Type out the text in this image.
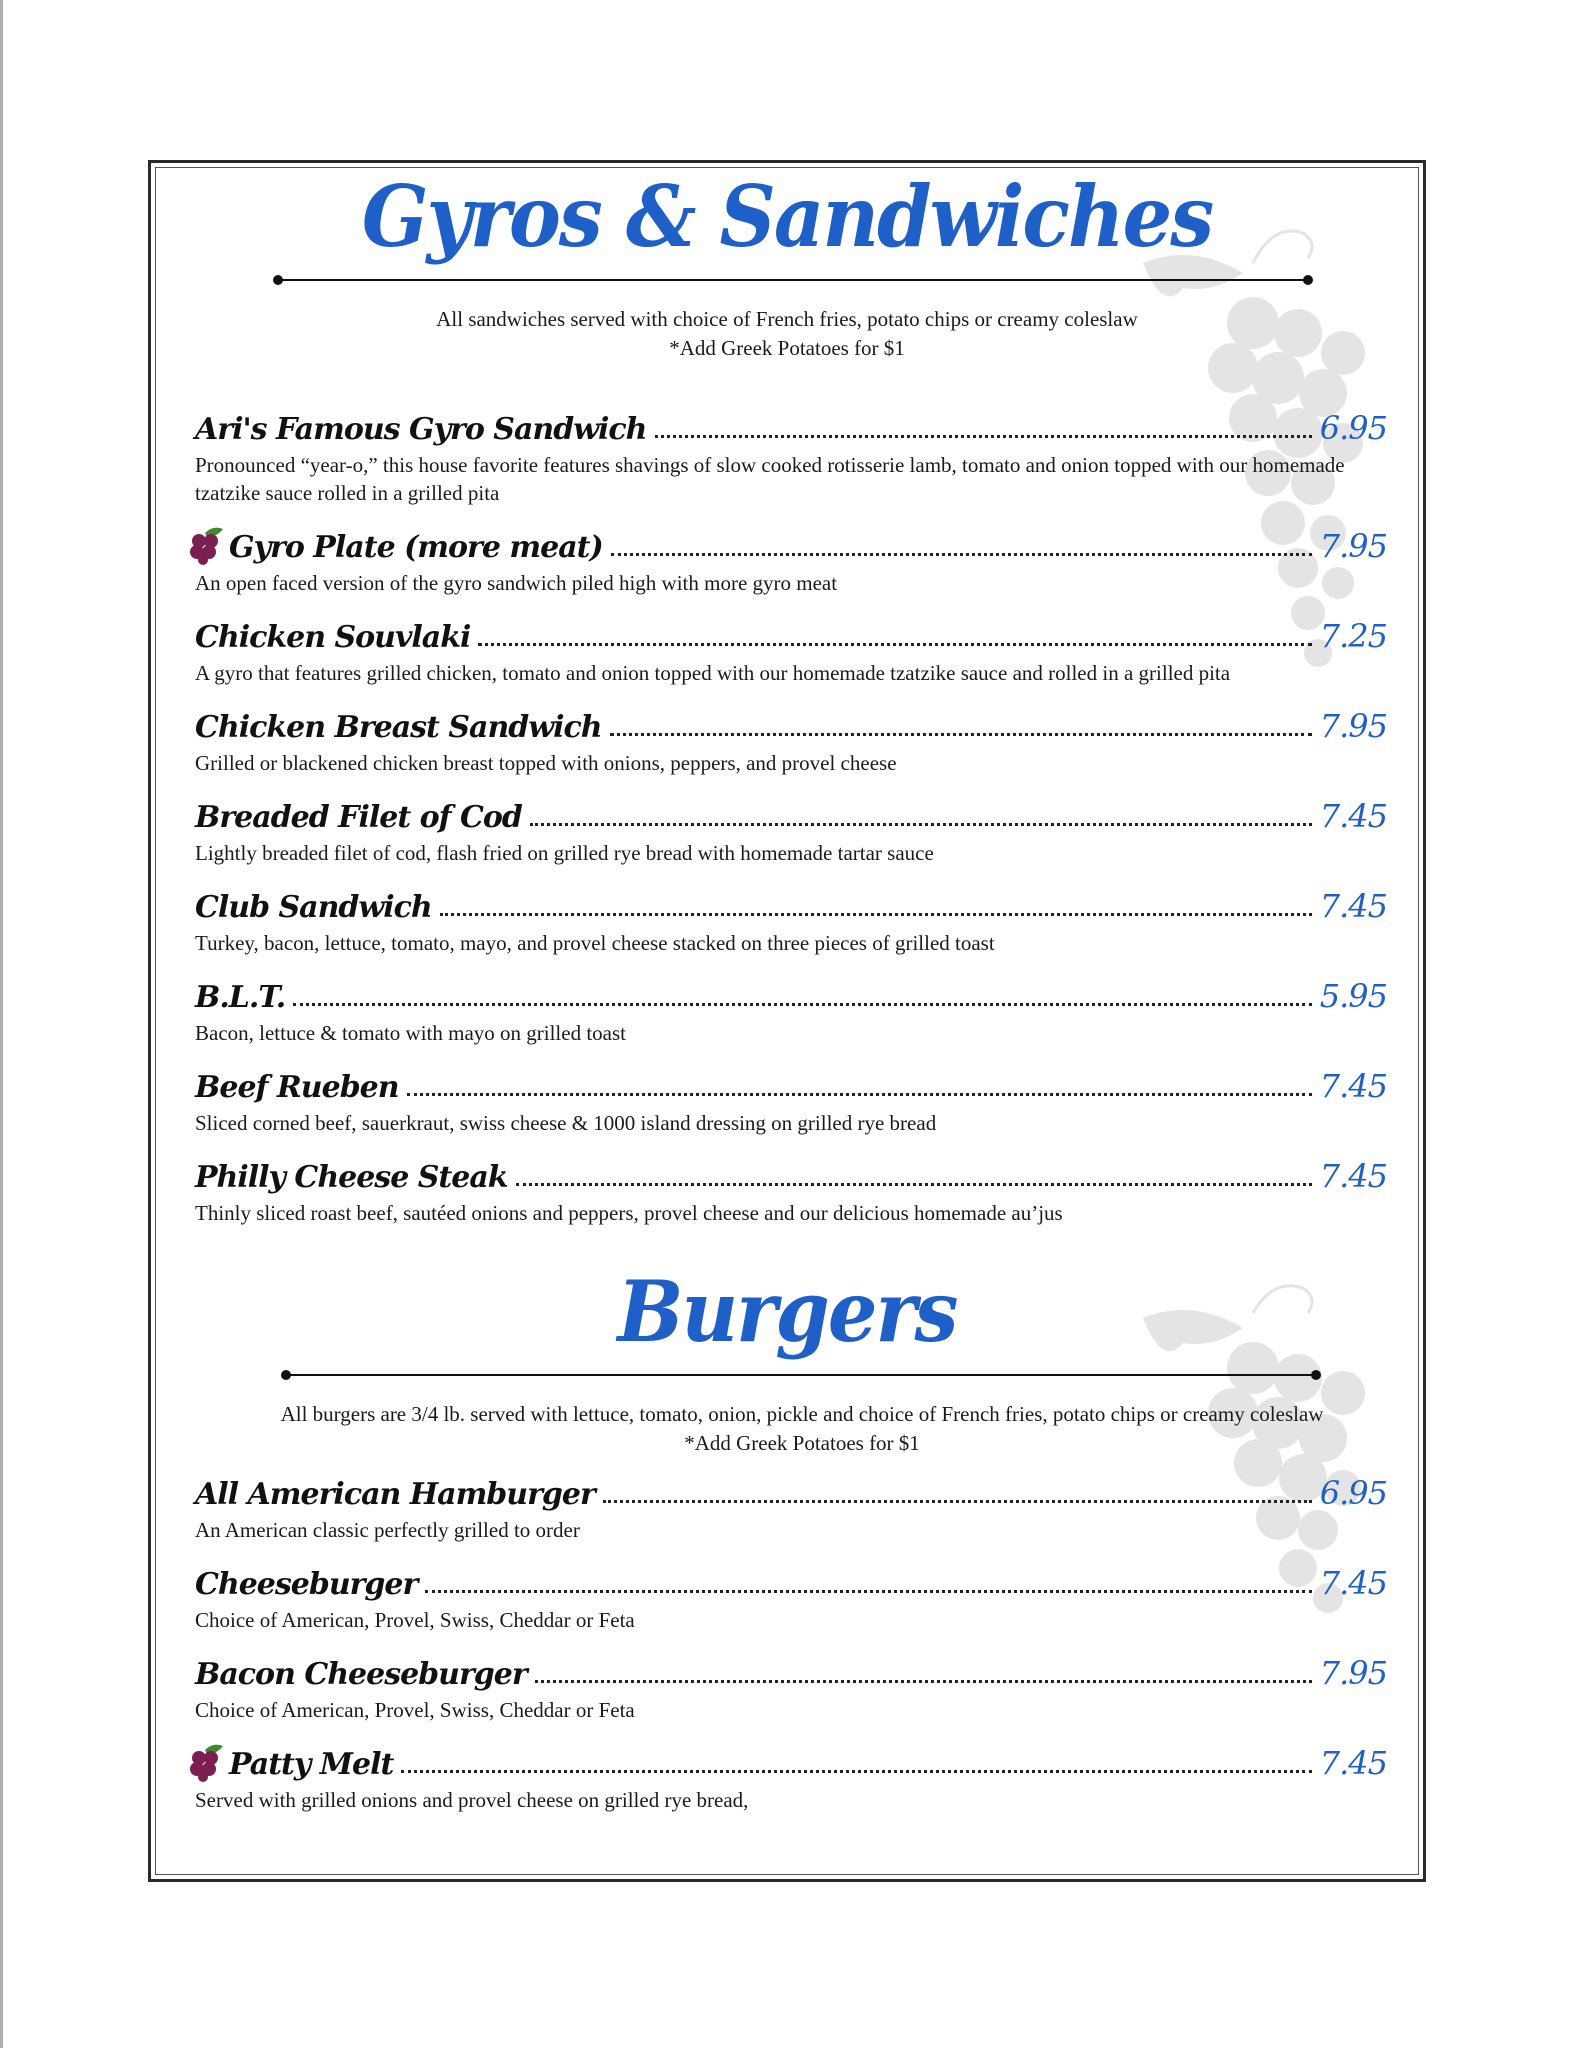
Gyros & Sandwiches
All sandwiches served with choice of French fries, potato chips or creamy coleslaw
*Add Greek Potatoes for $1
Ari's Famous Gyro Sandwich	6.95
Pronounced “year-o,” this house favorite features shavings of slow cooked rotisserie lamb, tomato and onion topped with our homemade tzatzike sauce rolled in a grilled pita
Gyro Plate (more meat)	7.95
An open faced version of the gyro sandwich piled high with more gyro meat
Chicken Souvlaki	7.25
A gyro that features grilled chicken, tomato and onion topped with our homemade tzatzike sauce and rolled in a grilled pita
Chicken Breast Sandwich	7.95
Grilled or blackened chicken breast topped with onions, peppers, and provel cheese
Breaded Filet of Cod	7.45
Lightly breaded filet of cod, flash fried on grilled rye bread with homemade tartar sauce
Club Sandwich	7.45
Turkey, bacon, lettuce, tomato, mayo, and provel cheese stacked on three pieces of grilled toast
B.L.T.	5.95
Bacon, lettuce & tomato with mayo on grilled toast
Beef Rueben	7.45
Sliced corned beef, sauerkraut, swiss cheese & 1000 island dressing on grilled rye bread
Philly Cheese Steak	7.45
Thinly sliced roast beef, sautéed onions and peppers, provel cheese and our delicious homemade au’jus
Burgers
All burgers are 3/4 lb. served with lettuce, tomato, onion, pickle and choice of French fries, potato chips or creamy coleslaw
*Add Greek Potatoes for $1
All American Hamburger	6.95
An American classic perfectly grilled to order
Cheeseburger	7.45
Choice of American, Provel, Swiss, Cheddar or Feta
Bacon Cheeseburger	7.95
Choice of American, Provel, Swiss, Cheddar or Feta
Patty Melt	7.45
Served with grilled onions and provel cheese on grilled rye bread,
